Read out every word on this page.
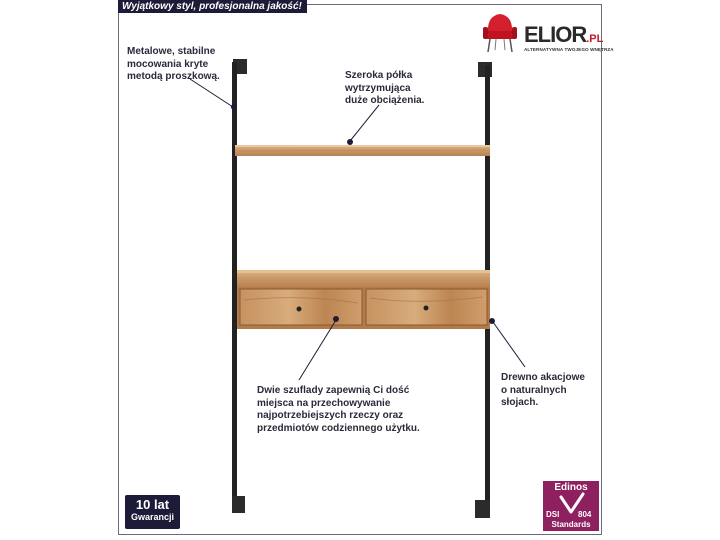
Wyjątkowy styl, profesjonalna jakość!
ELIOR.PL
ALTERNATYWNA TWOJEGO WNĘTRZA
Metalowe, stabilne
mocowania kryte
metodą proszkową.	Szeroka półka
wytrzymująca
duże obciążenia.
Dwie szuflady zapewnią Ci dość
miejsca na przechowywanie
najpotrzebiejszych rzeczy oraz
przedmiotów codziennego użytku.
Drewno akacjowe
o naturalnych
słojach.
10 lat
Gwarancji
Edinos
DSI 804
Standards
